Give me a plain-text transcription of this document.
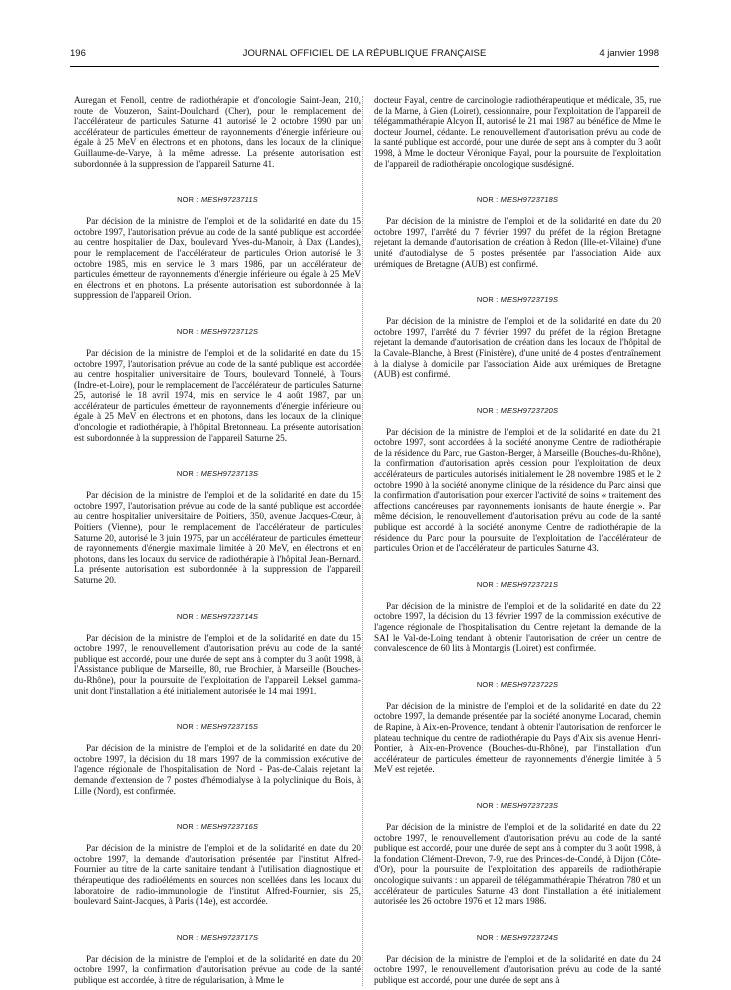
196	JOURNAL OFFICIEL DE LA RÉPUBLIQUE FRANÇAISE	4 janvier 1998

Auregan et Fenoll, centre de radiothérapie et d'oncologie Saint-Jean, 210, route de Vouzeron, Saint-Doulchard (Cher), pour le remplacement de l'accélérateur de particules Saturne 41 autorisé le 2 octobre 1990 par un accélérateur de particules émetteur de rayonnements d'énergie inférieure ou égale à 25 MeV en électrons et en photons, dans les locaux de la clinique Guillaume-de-Varye, à la même adresse. La présente autorisation est subordonnée à la suppression de l'appareil Saturne 41.

NOR : MESH9723711S

Par décision de la ministre de l'emploi et de la solidarité en date du 15 octobre 1997, l'autorisation prévue au code de la santé publique est accordée au centre hospitalier de Dax, boulevard Yves-du-Manoir, à Dax (Landes), pour le remplacement de l'accélérateur de particules Orion autorisé le 3 octobre 1985, mis en service le 3 mars 1986, par un accélérateur de particules émetteur de rayonnements d'énergie inférieure ou égale à 25 MeV en électrons et en photons. La présente autorisation est subordonnée à la suppression de l'appareil Orion.

NOR : MESH9723712S

Par décision de la ministre de l'emploi et de la solidarité en date du 15 octobre 1997, l'autorisation prévue au code de la santé publique est accordée au centre hospitalier universitaire de Tours, boulevard Tonnelé, à Tours (Indre-et-Loire), pour le remplacement de l'accélérateur de particules Saturne 25, autorisé le 18 avril 1974, mis en service le 4 août 1987, par un accélérateur de particules émetteur de rayonnements d'énergie inférieure ou égale à 25 MeV en électrons et en photons, dans les locaux de la clinique d'oncologie et radiothérapie, à l'hôpital Bretonneau. La présente autorisation est subordonnée à la suppression de l'appareil Saturne 25.

NOR : MESH9723713S

Par décision de la ministre de l'emploi et de la solidarité en date du 15 octobre 1997, l'autorisation prévue au code de la santé publique est accordée au centre hospitalier universitaire de Poitiers, 350, avenue Jacques-Cœur, à Poitiers (Vienne), pour le remplacement de l'accélérateur de particules Saturne 20, autorisé le 3 juin 1975, par un accélérateur de particules émetteur de rayonnements d'énergie maximale limitée à 20 MeV, en électrons et en photons, dans les locaux du service de radiothérapie à l'hôpital Jean-Bernard. La présente autorisation est subordonnée à la suppression de l'appareil Saturne 20.

NOR : MESH9723714S

Par décision de la ministre de l'emploi et de la solidarité en date du 15 octobre 1997, le renouvellement d'autorisation prévu au code de la santé publique est accordé, pour une durée de sept ans à compter du 3 août 1998, à l'Assistance publique de Marseille, 80, rue Brochier, à Marseille (Bouches-du-Rhône), pour la poursuite de l'exploitation de l'appareil Leksel gamma-unit dont l'installation a été initialement autorisée le 14 mai 1991.

NOR : MESH9723715S

Par décision de la ministre de l'emploi et de la solidarité en date du 20 octobre 1997, la décision du 18 mars 1997 de la commission exécutive de l'agence régionale de l'hospitalisation de Nord - Pas-de-Calais rejetant la demande d'extension de 7 postes d'hémodialyse à la polyclinique du Bois, à Lille (Nord), est confirmée.

NOR : MESH9723716S

Par décision de la ministre de l'emploi et de la solidarité en date du 20 octobre 1997, la demande d'autorisation présentée par l'institut Alfred-Fournier au titre de la carte sanitaire tendant à l'utilisation diagnostique et thérapeutique des radioéléments en sources non scellées dans les locaux du laboratoire de radio-immunologie de l'institut Alfred-Fournier, sis 25, boulevard Saint-Jacques, à Paris (14e), est accordée.

NOR : MESH9723717S

Par décision de la ministre de l'emploi et de la solidarité en date du 20 octobre 1997, la confirmation d'autorisation prévue au code de la santé publique est accordée, à titre de régularisation, à Mme le

docteur Fayal, centre de carcinologie radiothérapeutique et médicale, 35, rue de la Marne, à Gien (Loiret), cessionnaire, pour l'exploitation de l'appareil de télégammathérapie Alcyon II, autorisé le 21 mai 1987 au bénéfice de Mme le docteur Journel, cédante. Le renouvellement d'autorisation prévu au code de la santé publique est accordé, pour une durée de sept ans à compter du 3 août 1998, à Mme le docteur Véronique Fayal, pour la poursuite de l'exploitation de l'appareil de radiothérapie oncologique susdésigné.

NOR : MESH9723718S

Par décision de la ministre de l'emploi et de la solidarité en date du 20 octobre 1997, l'arrêté du 7 février 1997 du préfet de la région Bretagne rejetant la demande d'autorisation de création à Redon (Ille-et-Vilaine) d'une unité d'autodialyse de 5 postes présentée par l'association Aide aux urémiques de Bretagne (AUB) est confirmé.

NOR : MESH9723719S

Par décision de la ministre de l'emploi et de la solidarité en date du 20 octobre 1997, l'arrêté du 7 février 1997 du préfet de la région Bretagne rejetant la demande d'autorisation de création dans les locaux de l'hôpital de la Cavale-Blanche, à Brest (Finistère), d'une unité de 4 postes d'entraînement à la dialyse à domicile par l'association Aide aux urémiques de Bretagne (AUB) est confirmé.

NOR : MESH9723720S

Par décision de la ministre de l'emploi et de la solidarité en date du 21 octobre 1997, sont accordées à la société anonyme Centre de radiothérapie de la résidence du Parc, rue Gaston-Berger, à Marseille (Bouches-du-Rhône), la confirmation d'autorisation après cession pour l'exploitation de deux accélérateurs de particules autorisés initialement le 28 novembre 1985 et le 2 octobre 1990 à la société anonyme clinique de la résidence du Parc ainsi que la confirmation d'autorisation pour exercer l'activité de soins « traitement des affections cancéreuses par rayonnements ionisants de haute énergie ». Par même décision, le renouvellement d'autorisation prévu au code de la santé publique est accordé à la société anonyme Centre de radiothérapie de la résidence du Parc pour la poursuite de l'exploitation de l'accélérateur de particules Orion et de l'accélérateur de particules Saturne 43.

NOR : MESH9723721S

Par décision de la ministre de l'emploi et de la solidarité en date du 22 octobre 1997, la décision du 13 février 1997 de la commission exécutive de l'agence régionale de l'hospitalisation du Centre rejetant la demande de la SAI le Val-de-Loing tendant à obtenir l'autorisation de créer un centre de convalescence de 60 lits à Montargis (Loiret) est confirmée.

NOR : MESH9723722S

Par décision de la ministre de l'emploi et de la solidarité en date du 22 octobre 1997, la demande présentée par la société anonyme Locarad, chemin de Rapine, à Aix-en-Provence, tendant à obtenir l'autorisation de renforcer le plateau technique du centre de radiothérapie du Pays d'Aix sis avenue Henri-Pontier, à Aix-en-Provence (Bouches-du-Rhône), par l'installation d'un accélérateur de particules émetteur de rayonnements d'énergie limitée à 5 MeV est rejetée.

NOR : MESH9723723S

Par décision de la ministre de l'emploi et de la solidarité en date du 22 octobre 1997, le renouvellement d'autorisation prévu au code de la santé publique est accordé, pour une durée de sept ans à compter du 3 août 1998, à la fondation Clément-Drevon, 7-9, rue des Princes-de-Condé, à Dijon (Côte-d'Or), pour la poursuite de l'exploitation des appareils de radiothérapie oncologique suivants : un appareil de télégammathérapie Thératron 780 et un accélérateur de particules Saturne 43 dont l'installation a été initialement autorisée les 26 octobre 1976 et 12 mars 1986.

NOR : MESH9723724S

Par décision de la ministre de l'emploi et de la solidarité en date du 24 octobre 1997, le renouvellement d'autorisation prévu au code de la santé publique est accordé, pour une durée de sept ans à
